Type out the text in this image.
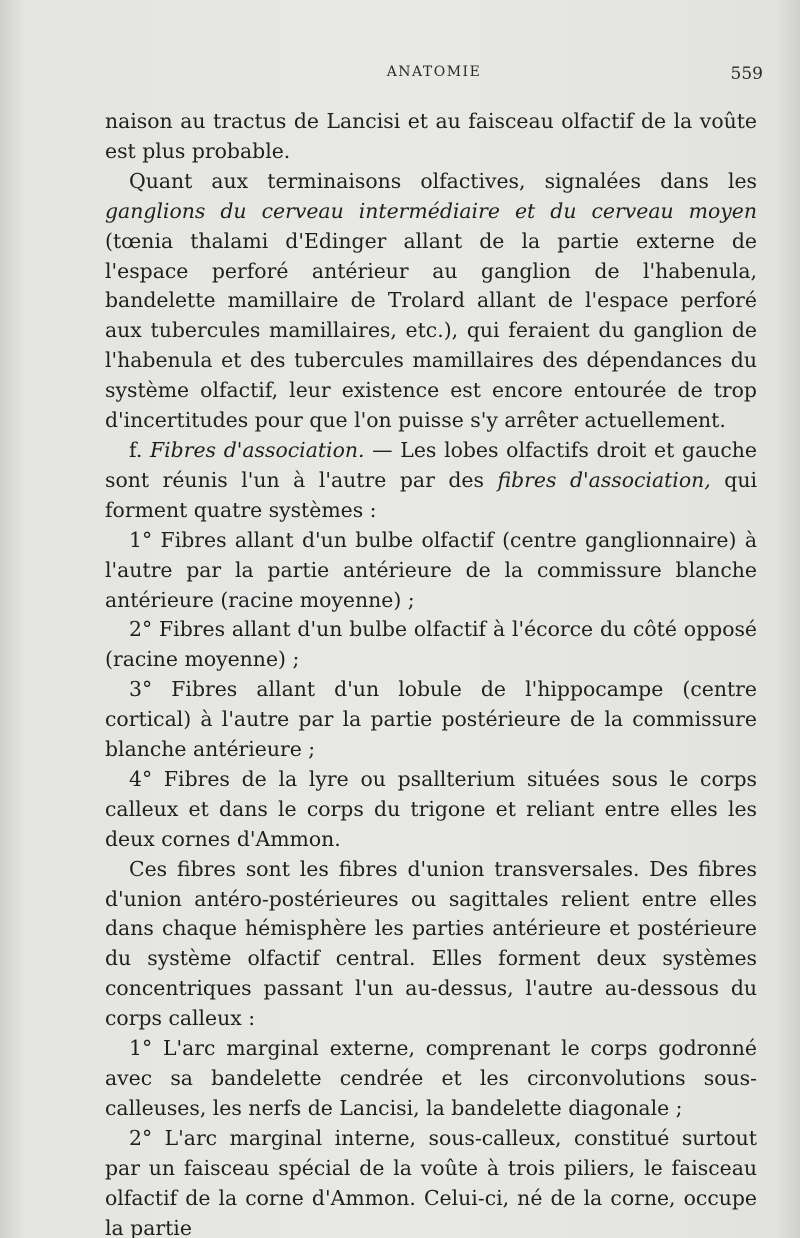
ANATOMIE	559

naison au tractus de Lancisi et au faisceau olfactif de la voûte est plus probable.

Quant aux terminaisons olfactives, signalées dans les ganglions du cerveau intermédiaire et du cerveau moyen (tœnia thalami d'Edinger allant de la partie externe de l'espace perforé antérieur au ganglion de l'habenula, bandelette mamillaire de Trolard allant de l'espace perforé aux tubercules mamillaires, etc.), qui feraient du ganglion de l'habenula et des tubercules mamillaires des dépendances du système olfactif, leur existence est encore entourée de trop d'incertitudes pour que l'on puisse s'y arrêter actuellement.

f. Fibres d'association. — Les lobes olfactifs droit et gauche sont réunis l'un à l'autre par des fibres d'association, qui forment quatre systèmes :

1° Fibres allant d'un bulbe olfactif (centre ganglionnaire) à l'autre par la partie antérieure de la commissure blanche antérieure (racine moyenne) ;

2° Fibres allant d'un bulbe olfactif à l'écorce du côté opposé (racine moyenne) ;

3° Fibres allant d'un lobule de l'hippocampe (centre cortical) à l'autre par la partie postérieure de la commissure blanche antérieure ;

4° Fibres de la lyre ou psallterium situées sous le corps calleux et dans le corps du trigone et reliant entre elles les deux cornes d'Ammon.

Ces fibres sont les fibres d'union transversales. Des fibres d'union antéro-postérieures ou sagittales relient entre elles dans chaque hémisphère les parties antérieure et postérieure du système olfactif central. Elles forment deux systèmes concentriques passant l'un au-dessus, l'autre au-dessous du corps calleux :

1° L'arc marginal externe, comprenant le corps godronné avec sa bandelette cendrée et les circonvolutions sous-calleuses, les nerfs de Lancisi, la bandelette diagonale ;

2° L'arc marginal interne, sous-calleux, constitué surtout par un faisceau spécial de la voûte à trois piliers, le faisceau olfactif de la corne d'Ammon. Celui-ci, né de la corne, occupe la partie
